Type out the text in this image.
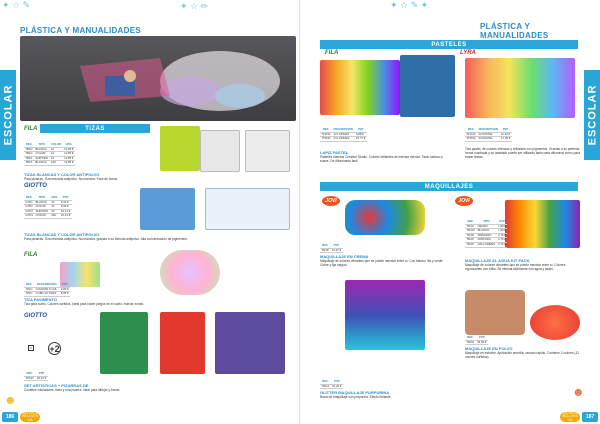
✦ ☆ ✎	✦ ☆ ✏
ESCOLAR
PLÁSTICA Y MANUALIDADES
FILA	TIZAS
REF.	TIPO	COLOR	UDS.
7B1D	BLANCA	10	13,25 €
7B1C	COLOR	10	12,85 €
7B1S	SURTIDO	10	12,85 €
7B1X	BLANCA	100	12,85 €
TIZAS BLANCAS Y COLOR ANTIPOLVO
Para pizarras. Tiza redonda antipolvo. No mancha. Facil de borrar.
GIOTTO
REF.	TIPO	UDS.	PVP
G7P1	BLANCA	10	9,14 €
G7P2	COLOR	10	9,99 €
G7P3	SURTIDO	10	10,21 €
G7P4	COLOR	100	10,21 €
TIZAS BLANCAS Y COLOR ANTIPOLVO
Para pizarras. Tiza redonda antipolvo. No mancha, gracias a su fórmula antipolvo. Alta concentración de pigmentos.
FILA
REF.	DESCRIPCIÓN	PVP
7P1G	GIGANTE 6 COL.	2,80 €
7P2C	CUBO 20 TIZAS	8,95 €
TIZA PAVIMENTO
Tiza para suelo. Colores surtidos. Ideal para hacer juegos en el suelo, marcar zonas.
GIOTTO
+2
⚠
REF.	PVP
7PA1T	18,44 €
SET ARTISTICAS + PIZARRAS DE
Contiene rotuladores, tizas y una pizarra. Ideal para dibujar y borrar.
☻
186
PRECIOS NO INCLUYEN IVA
✦ ☆ ✎ ✦
ESCOLAR
PLÁSTICA Y MANUALIDADES
PASTELES
FILA	LYRA
REF.	DESCRIPCIÓN	PVP
7T2NG	12 LÁPICES	8,88 €
7T2NN	24 LÁPICES	15,77 €
REF.	DESCRIPCIÓN	PVP
4T1NQ	12 PASTEL	11,22 €
4T2NQ	24 PASTEL	17,95 €
LAPIZ PASTEL
Pasteles blandos Creative Studio. Colores brillantes de intensa mezcla. Tacto sedoso y suave. De difuminado fácil.
Tiza pastel, de colores intensos y brillantes con pigmentos. Gracias a su perfecta forma cuadrada y su acabado puede ser utilizado tanto para difuminar como para trazar líneas.
MAQUILLAJES
JOVI	JOVI
REF.	TIPO	PVP
7M1H	NEGRO	1,88 €
7M1W	BLANCO	1,93 €
7M1R	PRIMARIO	2,76 €
7M1P	FANTASÍA	2,76 €
7M1S	HALLOWEEN	2,76 €
REF.	PVP
7M1P	12,47 €
MAQUILLAJE EN CREMA
Maquillaje de colores vibrantes que se puede mezclar entre sí. Con blanco, lila y verde. Cubre y fija cargos.
MAQUILLAJE AL AGUA KIT PACK
Maquillaje de colores vibrantes que se puede mezclar entre sí. Colores vigorizantes con brillo. Se elimina fácilmente con agua y jabón.
REF.	PVP
7M2G	29,99 €
REF.	PVP
7MG1	10,26 €
GLITTER MAQUILLAJE PURPURINA
Barra de maquillaje con purpurina. Efecto brillante.
MAQUILLAJE EN POLVO
Maquillaje en estuche. Aplicación sencilla, secado rápido. Contiene 3 colores (12 colores surtidos).
☻
PRECIOS NO INCLUYEN IVA	187
